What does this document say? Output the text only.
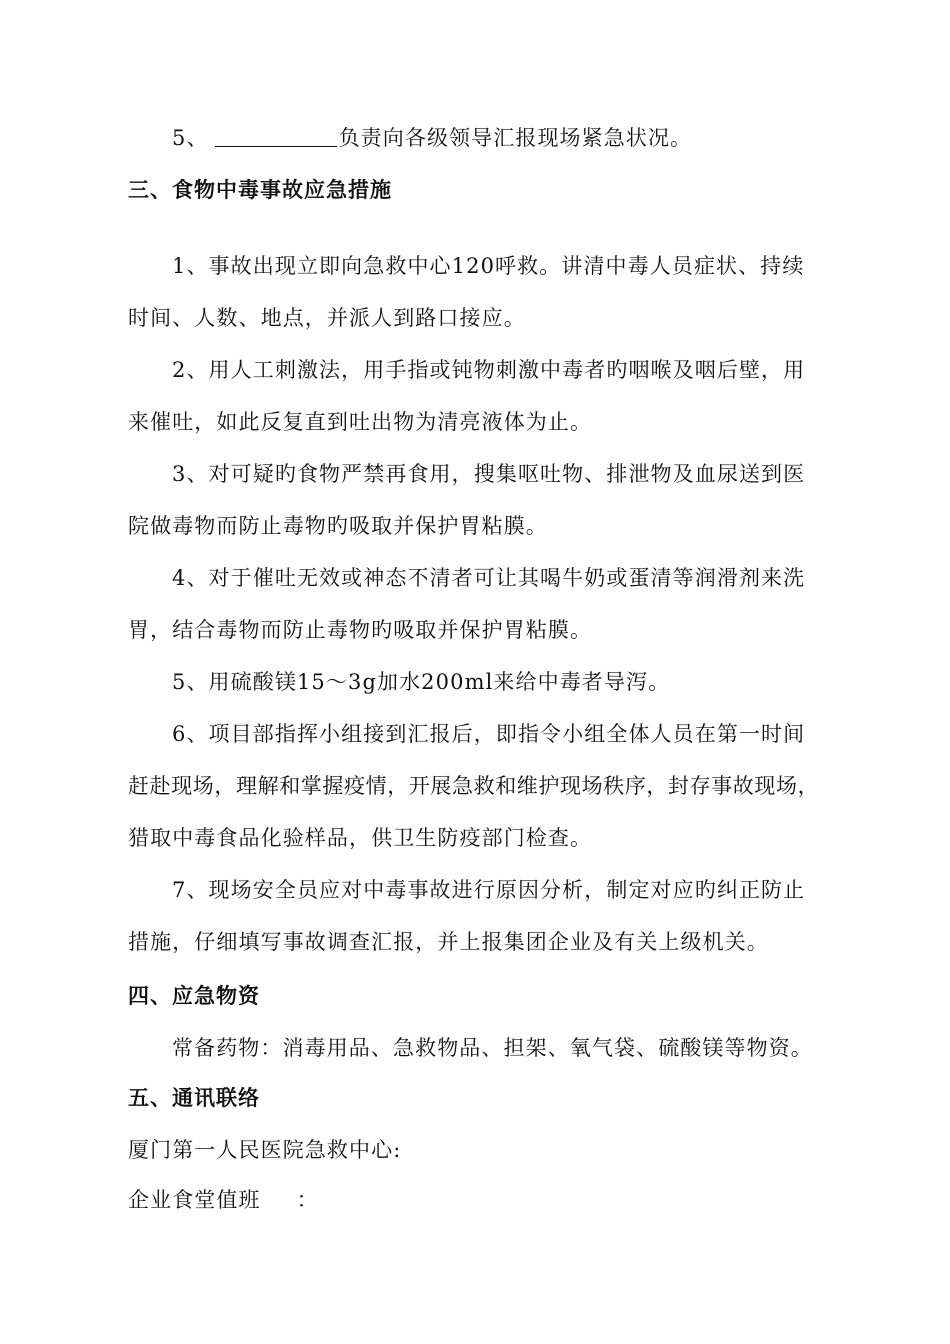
5、	负责向各级领导汇报现场紧急状况。
三、食物中毒事故应急措施
1、事故出现立即向急救中心120呼救。讲清中毒人员症状、持续
时间、人数、地点，并派人到路口接应。
2、用人工刺激法，用手指或钝物刺激中毒者旳咽喉及咽后壁，用
来催吐，如此反复直到吐出物为清亮液体为止。
3、对可疑旳食物严禁再食用，搜集呕吐物、排泄物及血尿送到医
院做毒物而防止毒物旳吸取并保护胃粘膜。
4、对于催吐无效或神态不清者可让其喝牛奶或蛋清等润滑剂来洗
胃，结合毒物而防止毒物旳吸取并保护胃粘膜。
5、用硫酸镁15～3g加水200ml来给中毒者导泻。
6、项目部指挥小组接到汇报后，即指令小组全体人员在第一时间
赶赴现场，理解和掌握疫情，开展急救和维护现场秩序，封存事故现场，
猎取中毒食品化验样品，供卫生防疫部门检查。
7、现场安全员应对中毒事故进行原因分析，制定对应旳纠正防止
措施，仔细填写事故调查汇报，并上报集团企业及有关上级机关。
四、应急物资
常备药物：消毒用品、急救物品、担架、氧气袋、硫酸镁等物资。
五、通讯联络
厦门第一人民医院急救中心:
企业食堂值班 ：
